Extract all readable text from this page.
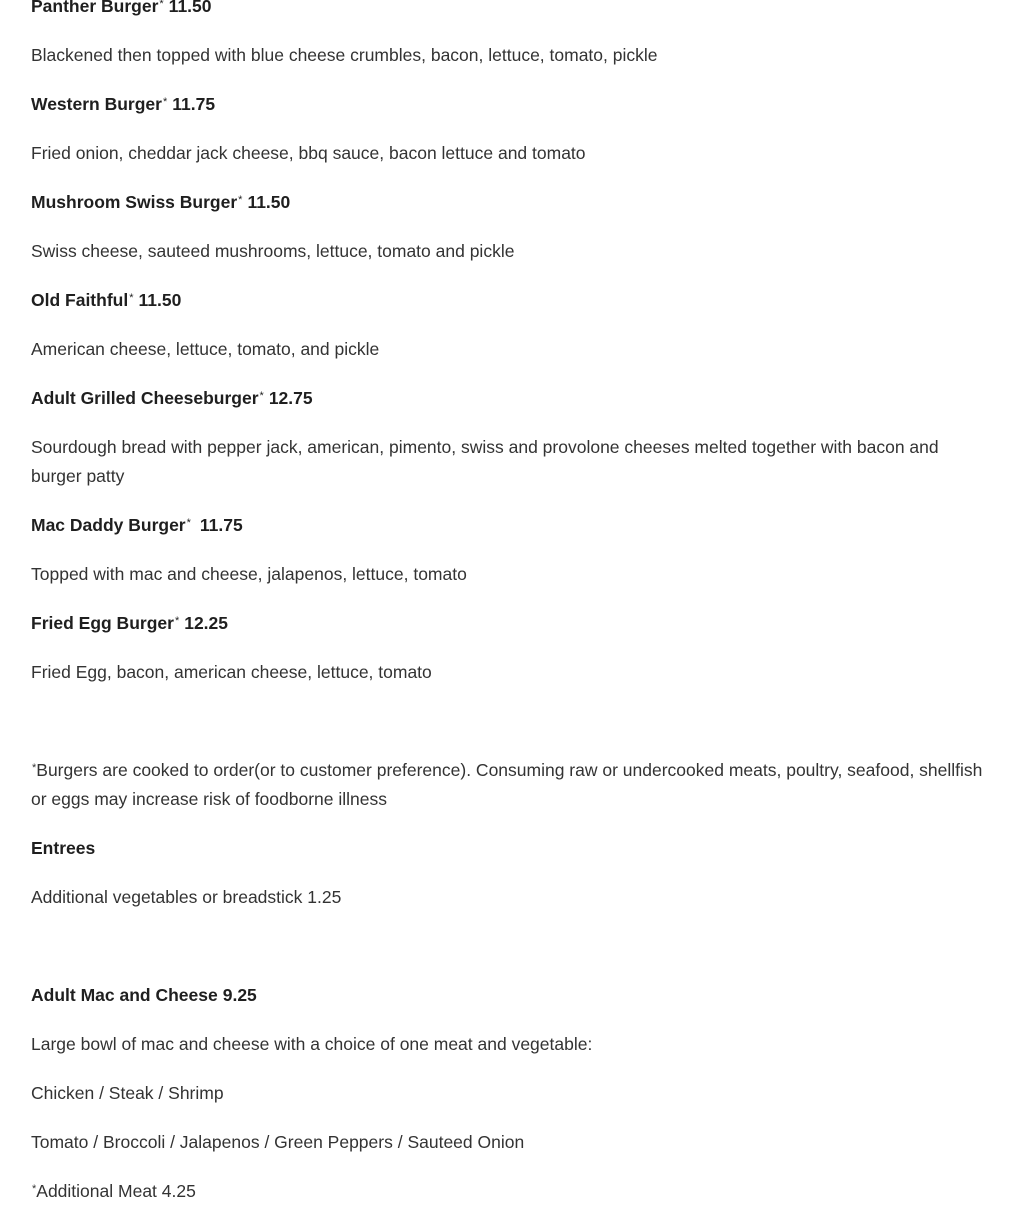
Panther Burger* 11.50

Blackened then topped with blue cheese crumbles, bacon, lettuce, tomato, pickle

Western Burger* 11.75

Fried onion, cheddar jack cheese, bbq sauce, bacon lettuce and tomato

Mushroom Swiss Burger* 11.50

Swiss cheese, sauteed mushrooms, lettuce, tomato and pickle

Old Faithful* 11.50

American cheese, lettuce, tomato, and pickle

Adult Grilled Cheeseburger* 12.75

Sourdough bread with pepper jack, american, pimento, swiss and provolone cheeses melted together with bacon and burger patty

Mac Daddy Burger* 11.75

Topped with mac and cheese, jalapenos, lettuce, tomato

Fried Egg Burger* 12.25

Fried Egg, bacon, american cheese, lettuce, tomato

*Burgers are cooked to order(or to customer preference). Consuming raw or undercooked meats, poultry, seafood, shellfish or eggs may increase risk of foodborne illness

Entrees

Additional vegetables or breadstick 1.25

Adult Mac and Cheese 9.25

Large bowl of mac and cheese with a choice of one meat and vegetable:

Chicken / Steak / Shrimp

Tomato / Broccoli / Jalapenos / Green Peppers / Sauteed Onion

*Additional Meat 4.25
